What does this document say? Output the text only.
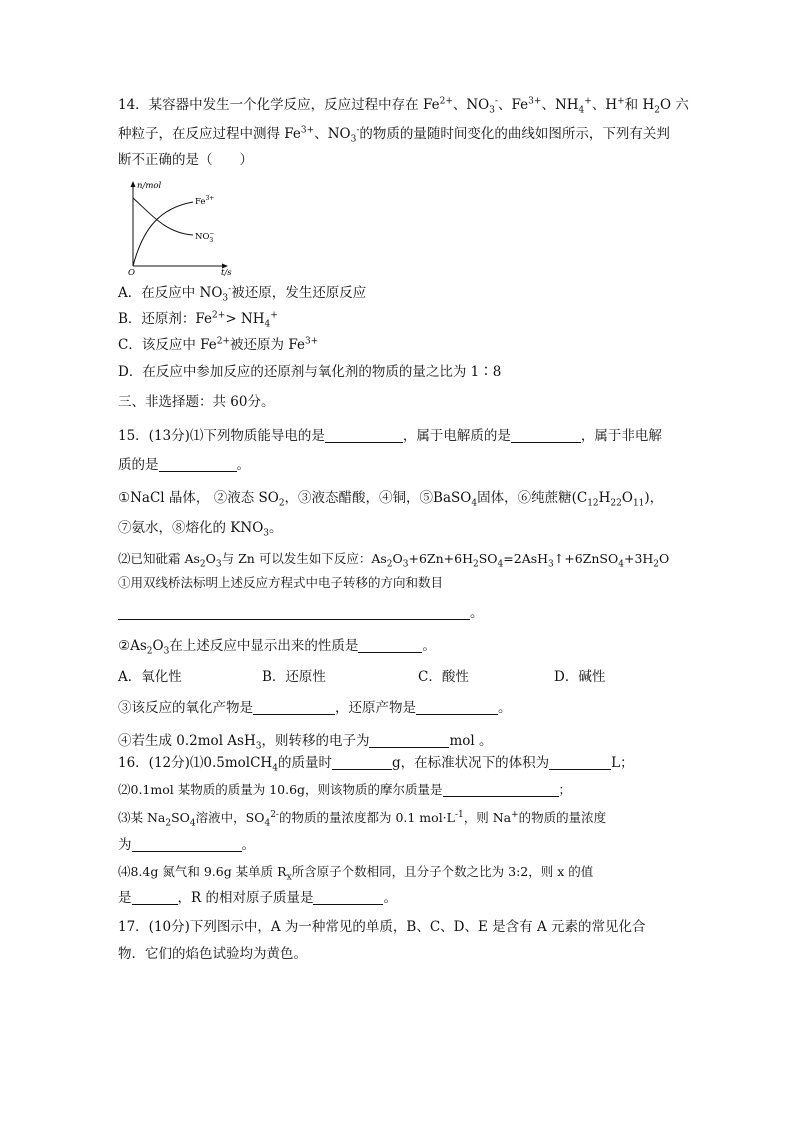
14．某容器中发生一个化学反应，反应过程中存在 $Fe^{2+}$、$NO_3^-$、$Fe^{3+}$、$NH_4^+$、H+和 $H_2O$ 六
种粒子，在反应过程中测得 $Fe^{3+}$、$NO_3^-$的物质的量随时间变化的曲线如图所示，下列有关判
断不正确的是（　　）
n/mol
t/s
O
$Fe^{3+}$
$NO_3-$
A．在反应中 $NO_3^-$被还原，发生还原反应
B．还原剂：$Fe^{2+}> NH_4^+$
C．该反应中 $Fe^{2+}$被还原为 $Fe^{3+}$
D．在反应中参加反应的还原剂与氧化剂的物质的量之比为 1∶8
三、非选择题：共 60分。
15．(13分)⑴下列物质能导电的是	，属于电解质的是	，属于非电解
质的是	。
①NaCl 晶体， ②液态 $SO_2$，③液态醋酸，④铜，⑤BaSO$_4$固体，⑥纯蔗糖$(C_{12}H_{22}O_{11})$，
⑦氨水，⑧熔化的 $KNO_3$。
⑵已知砒霜 $As_2O_3$与 Zn 可以发生如下反应：$As_2O_3+6Zn+6H_2SO_4=2AsH_3↑+6ZnSO_4+3H_2O$
①用双线桥法标明上述反应方程式中电子转移的方向和数目
。
$②As_2O_3$在上述反应中显示出来的性质是	。
A．氧化性	B．还原性	C．酸性	D．碱性
③该反应的氧化产物是	，还原产物是	。
④若生成 0.2mol AsH$_3$，则转移的电子为	mol 。
16．(12分)⑴0.5molCH$_4$的质量时	g，在标准状况下的体积为	L；
⑵0.1mol 某物质的质量为 10.6g，则该物质的摩尔质量是	；
⑶某 $Na_2SO_4$溶液中，$SO_4^{2-}$的物质的量浓度都为 0.1 $mol\cdot L^{-1}$，则 Na+的物质的量浓度
为	。
⑷8.4g 氮气和 9.6g 某单质 $R_x$所含原子个数相同，且分子个数之比为 3:2，则 x 的值
是	，R 的相对原子质量是	。
17．(10分)下列图示中，A 为一种常见的单质，B、C、D、E 是含有 A 元素的常见化合
物．它们的焰色试验均为黄色。
